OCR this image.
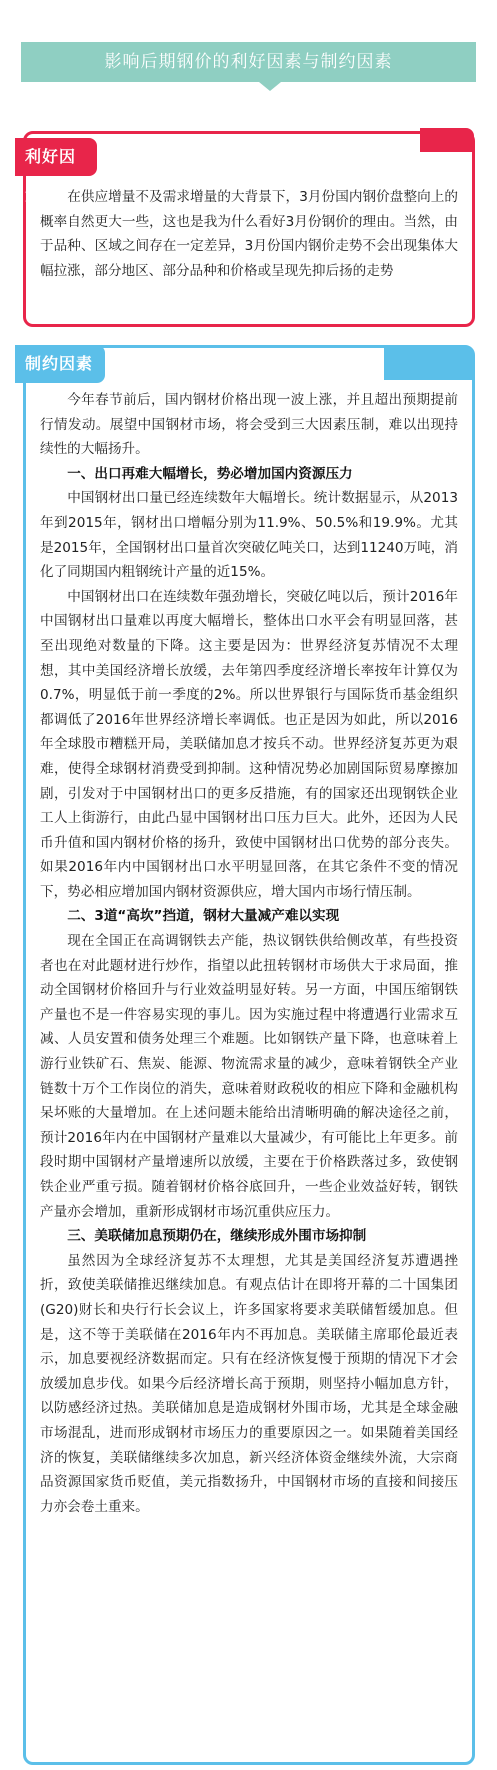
影响后期钢价的利好因素与制约因素
利好因素	在供应增量不及需求增量的大背景下，3月份国内钢价盘整向上的概率自然更大一些，这也是我为什么看好3月份钢价的理由。当然，由于品种、区域之间存在一定差异，3月份国内钢价走势不会出现集体大幅拉涨，部分地区、部分品种和价格或呈现先抑后扬的走势

制约因素

今年春节前后，国内钢材价格出现一波上涨，并且超出预期提前行情发动。展望中国钢材市场，将会受到三大因素压制，难以出现持续性的大幅扬升。

一、出口再难大幅增长，势必增加国内资源压力

中国钢材出口量已经连续数年大幅增长。统计数据显示，从2013年到2015年，钢材出口增幅分别为11.9%、50.5%和19.9%。尤其是2015年，全国钢材出口量首次突破亿吨关口，达到11240万吨，消化了同期国内粗钢统计产量的近15%。

中国钢材出口在连续数年强劲增长，突破亿吨以后，预计2016年中国钢材出口量难以再度大幅增长，整体出口水平会有明显回落，甚至出现绝对数量的下降。这主要是因为：世界经济复苏情况不太理想，其中美国经济增长放缓，去年第四季度经济增长率按年计算仅为0.7%，明显低于前一季度的2%。所以世界银行与国际货币基金组织都调低了2016年世界经济增长率调低。也正是因为如此，所以2016年全球股市糟糕开局，美联储加息才按兵不动。世界经济复苏更为艰难，使得全球钢材消费受到抑制。这种情况势必加剧国际贸易摩擦加剧，引发对于中国钢材出口的更多反措施，有的国家还出现钢铁企业工人上街游行，由此凸显中国钢材出口压力巨大。此外，还因为人民币升值和国内钢材价格的扬升，致使中国钢材出口优势的部分丧失。如果2016年内中国钢材出口水平明显回落，在其它条件不变的情况下，势必相应增加国内钢材资源供应，增大国内市场行情压制。

二、3道“高坎”挡道，钢材大量减产难以实现

现在全国正在高调钢铁去产能，热议钢铁供给侧改革，有些投资者也在对此题材进行炒作，指望以此扭转钢材市场供大于求局面，推动全国钢材价格回升与行业效益明显好转。另一方面，中国压缩钢铁产量也不是一件容易实现的事儿。因为实施过程中将遭遇行业需求互减、人员安置和债务处理三个难题。比如钢铁产量下降，也意味着上游行业铁矿石、焦炭、能源、物流需求量的减少，意味着钢铁全产业链数十万个工作岗位的消失，意味着财政税收的相应下降和金融机构呆坏账的大量增加。在上述问题未能给出清晰明确的解决途径之前，预计2016年内在中国钢材产量难以大量减少，有可能比上年更多。前段时期中国钢材产量增速所以放缓，主要在于价格跌落过多，致使钢铁企业严重亏损。随着钢材价格谷底回升，一些企业效益好转，钢铁产量亦会增加，重新形成钢材市场沉重供应压力。

三、美联储加息预期仍在，继续形成外围市场抑制

虽然因为全球经济复苏不太理想，尤其是美国经济复苏遭遇挫折，致使美联储推迟继续加息。有观点估计在即将开幕的二十国集团(G20)财长和央行行长会议上，许多国家将要求美联储暂缓加息。但是，这不等于美联储在2016年内不再加息。美联储主席耶伦最近表示，加息要视经济数据而定。只有在经济恢复慢于预期的情况下才会放缓加息步伐。如果今后经济增长高于预期，则坚持小幅加息方针，以防感经济过热。美联储加息是造成钢材外围市场，尤其是全球金融市场混乱，进而形成钢材市场压力的重要原因之一。如果随着美国经济的恢复，美联储继续多次加息，新兴经济体资金继续外流，大宗商品资源国家货币贬值，美元指数扬升，中国钢材市场的直接和间接压力亦会卷土重来。
